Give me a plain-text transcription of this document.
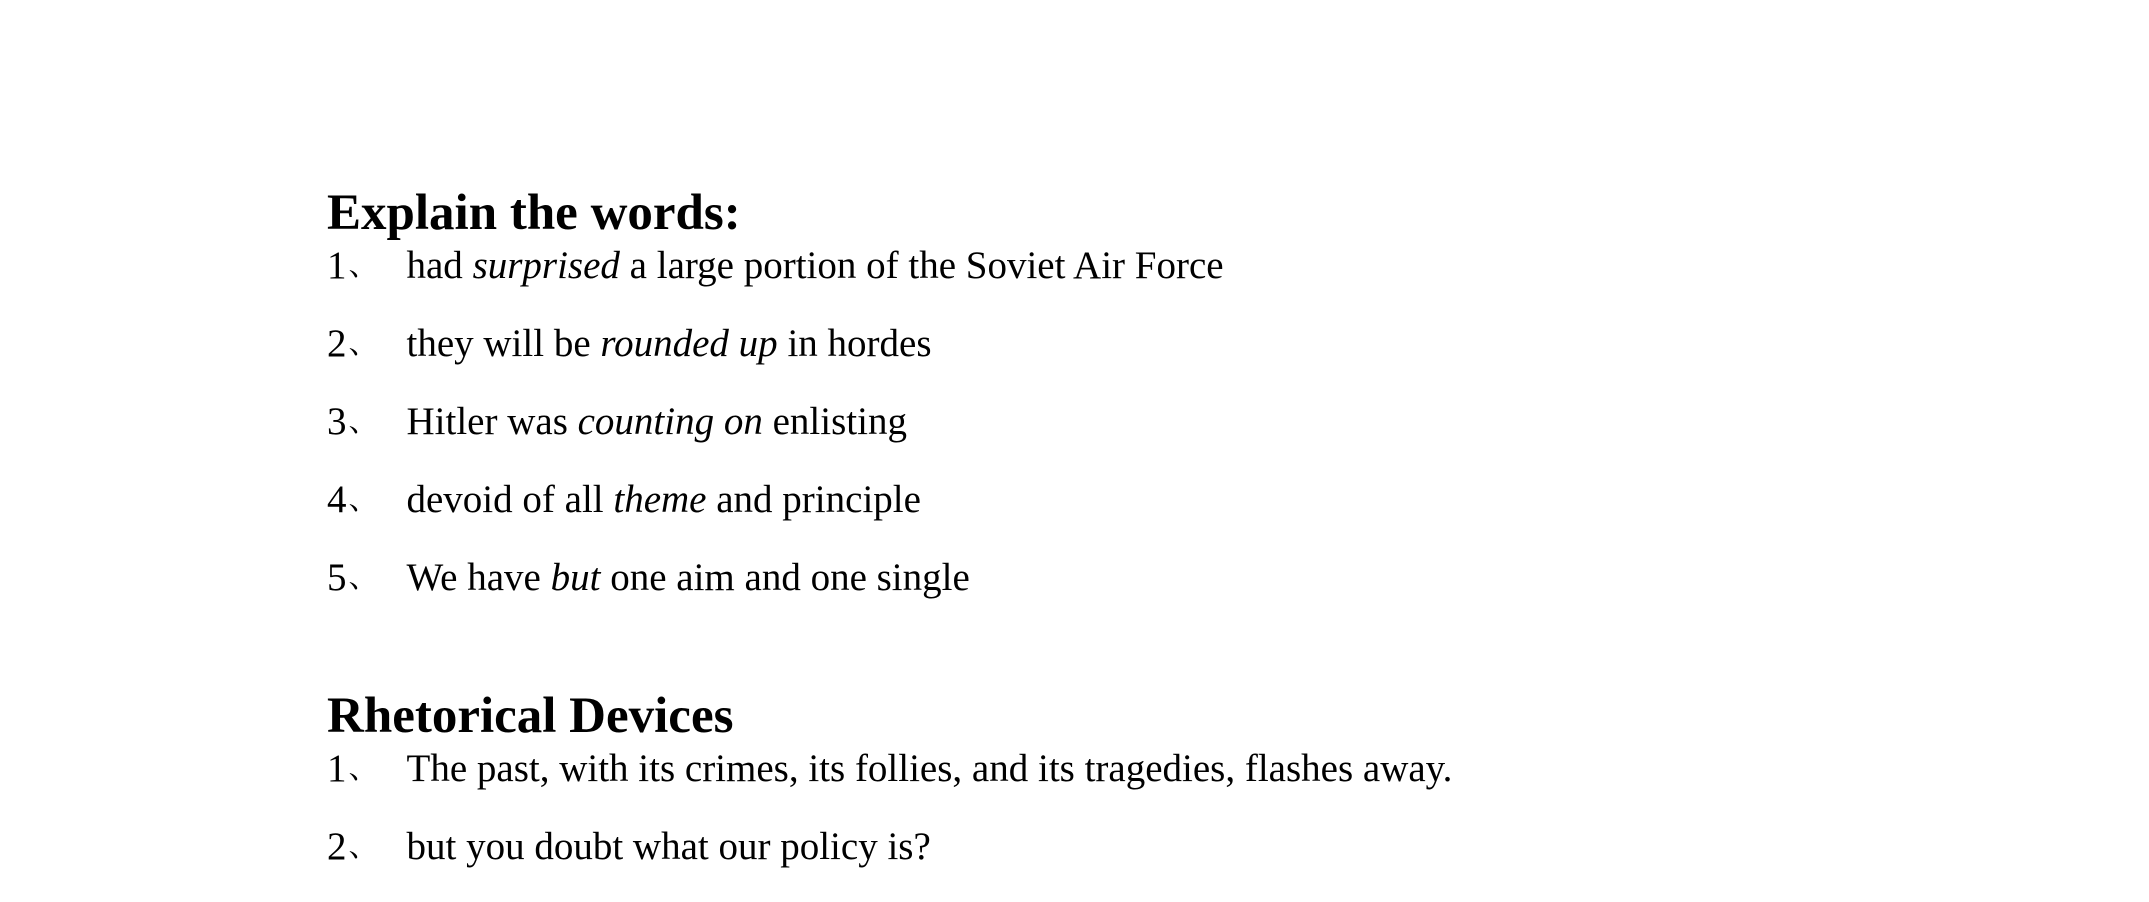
Explain the words:
1、 had surprised a large portion of the Soviet Air Force
2、 they will be rounded up in hordes
3、 Hitler was counting on enlisting
4、 devoid of all theme and principle
5、 We have but one aim and one single
Rhetorical Devices
1、 The past, with its crimes, its follies, and its tragedies, flashes away.
2、 but you doubt what our policy is?
